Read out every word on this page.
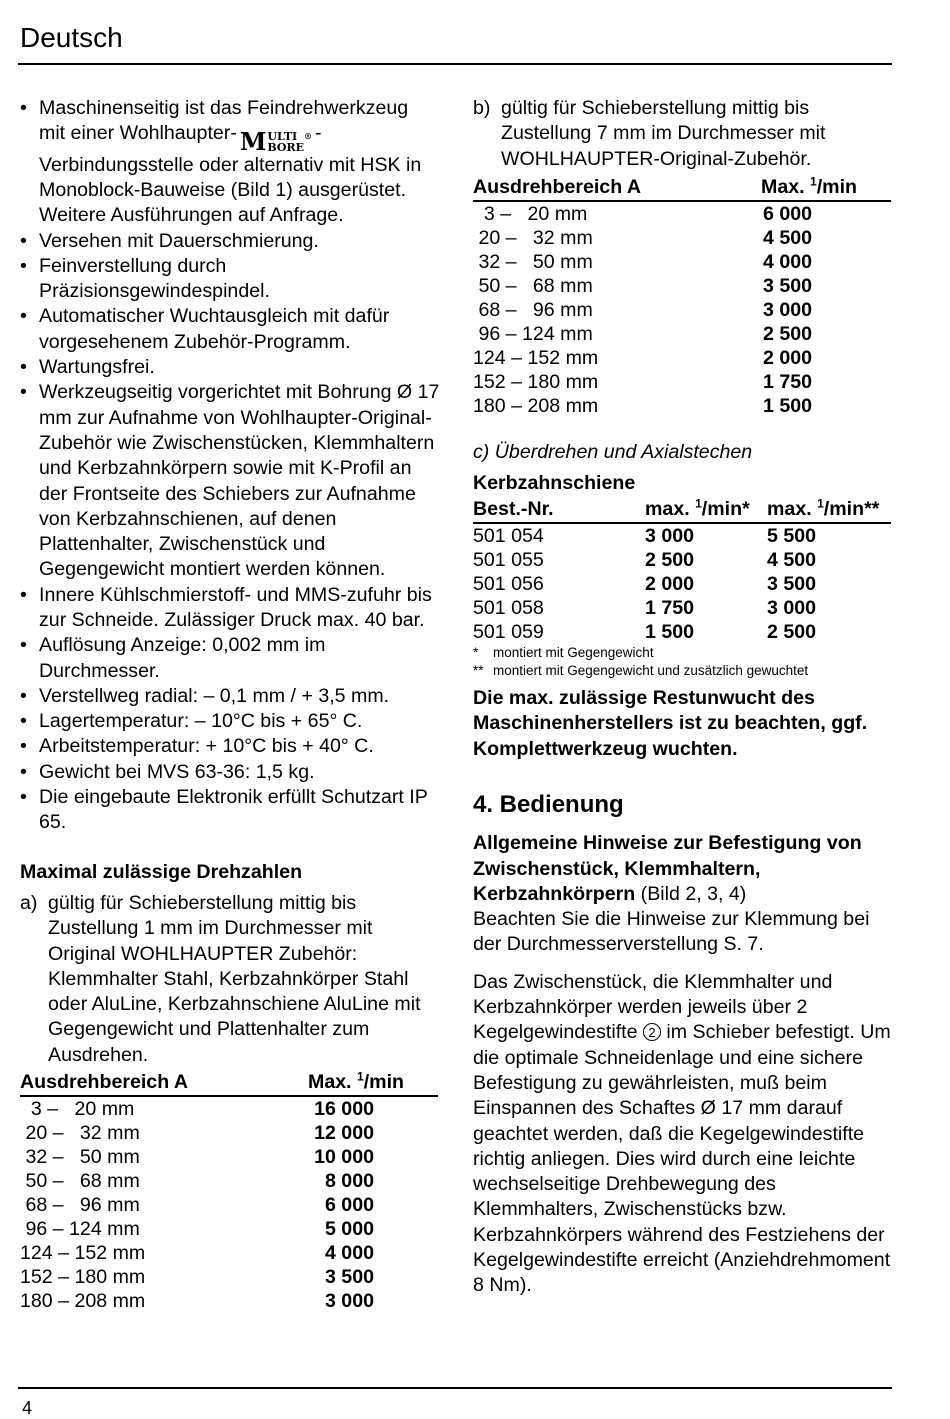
Deutsch
• Maschinenseitig ist das Feindrehwerkzeug mit einer Wohlhaupter- M ULTI
BORE
® -Verbindungsstelle oder alternativ mit HSK in Monoblock-Bauweise (Bild 1) ausgerüstet. Weitere Ausführungen auf Anfrage.
• Versehen mit Dauerschmierung.
• Feinverstellung durch Präzisionsgewindespindel.
• Automatischer Wuchtausgleich mit dafür vorgesehenem Zubehör-Programm.
• Wartungsfrei.
• Werkzeugseitig vorgerichtet mit Bohrung Ø 17 mm zur Aufnahme von Wohlhaupter-Original-Zubehör wie Zwischenstücken, Klemmhaltern und Kerbzahnkörpern sowie mit K-Profil an der Frontseite des Schiebers zur Aufnahme von Kerbzahnschienen, auf denen Plattenhalter, Zwischenstück und Gegengewicht montiert werden können.
• Innere Kühlschmierstoff- und MMS-zufuhr bis zur Schneide. Zulässiger Druck max. 40 bar.
• Auflösung Anzeige: 0,002 mm im Durchmesser.
• Verstellweg radial: – 0,1 mm / + 3,5 mm.
• Lagertemperatur: – 10°C bis + 65° C.
• Arbeitstemperatur: + 10°C bis + 40° C.
• Gewicht bei MVS 63-36: 1,5 kg.
• Die eingebaute Elektronik erfüllt Schutzart IP 65.
Maximal zulässige Drehzahlen
a) gültig für Schieberstellung mittig bis Zustellung 1 mm im Durchmesser mit Original WOHLHAUPTER Zubehör: Klemmhalter Stahl, Kerbzahnkörper Stahl oder AluLine, Kerbzahnschiene AluLine mit Gegengewicht und Plattenhalter zum Ausdrehen.
Ausdrehbereich A	Max. $^1$/min
3 –   20 mm	16 000
20 –   32 mm	12 000
32 –   50 mm	10 000
50 –   68 mm	8 000
68 –   96 mm	6 000
96 – 124 mm	5 000
124 – 152 mm	4 000
152 – 180 mm	3 500
180 – 208 mm	3 000
b) gültig für Schieberstellung mittig bis Zustellung 7 mm im Durchmesser mit WOHLHAUPTER-Original-Zubehör.
Ausdrehbereich A	Max. $^1$/min
3 –   20 mm	6 000
20 –   32 mm	4 500
32 –   50 mm	4 000
50 –   68 mm	3 500
68 –   96 mm	3 000
96 – 124 mm	2 500
124 – 152 mm	2 000
152 – 180 mm	1 750
180 – 208 mm	1 500
c) Überdrehen und Axialstechen
Kerbzahnschiene
Best.-Nr.	max. $^1$/min*	max. $^1$/min**
501 054	3 000	5 500
501 055	2 500	4 500
501 056	2 000	3 500
501 058	1 750	3 000
501 059	1 500	2 500
* montiert mit Gegengewicht
** montiert mit Gegengewicht und zusätzlich gewuchtet
Die max. zulässige Restunwucht des Maschinenherstellers ist zu beachten, ggf. Komplettwerkzeug wuchten.
4. Bedienung
Allgemeine Hinweise zur Befestigung von Zwischenstück, Klemmhaltern, Kerbzahnkörpern (Bild 2, 3, 4)
Beachten Sie die Hinweise zur Klemmung bei der Durchmesserverstellung S. 7.
Das Zwischenstück, die Klemmhalter und Kerbzahnkörper werden jeweils über 2 Kegelgewindestifte 2 im Schieber befestigt. Um die optimale Schneidenlage und eine sichere Befestigung zu gewährleisten, muß beim Einspannen des Schaftes Ø 17 mm darauf geachtet werden, daß die Kegelgewindestifte richtig anliegen. Dies wird durch eine leichte wechselseitige Drehbewegung des Klemmhalters, Zwischenstücks bzw. Kerbzahnkörpers während des Festziehens der Kegelgewindestifte erreicht (Anziehdrehmoment 8 Nm).
4
